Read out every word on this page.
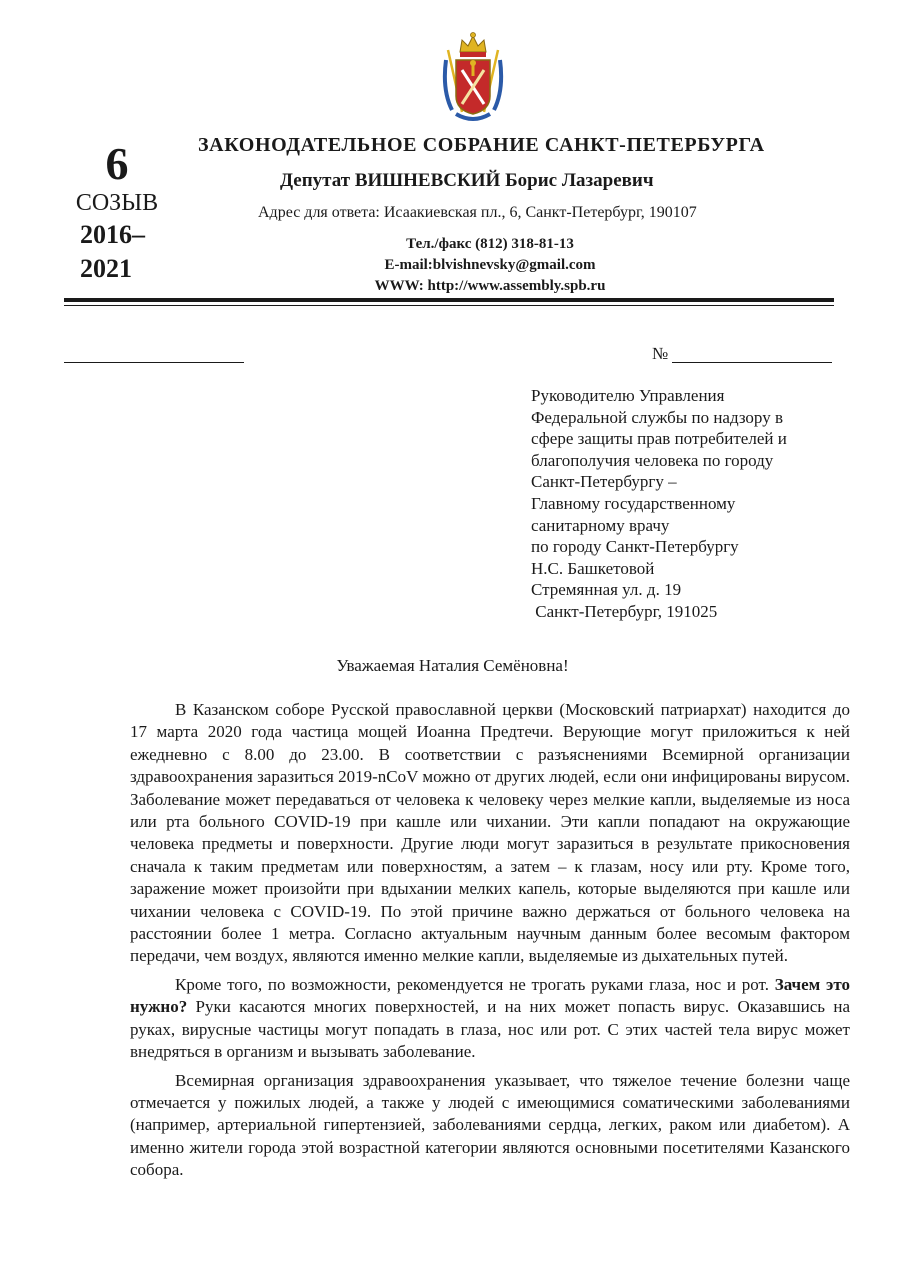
6
СОЗЫВ
2016–
2021
ЗАКОНОДАТЕЛЬНОЕ СОБРАНИЕ САНКТ-ПЕТЕРБУРГА
Депутат ВИШНЕВСКИЙ Борис Лазаревич
Адрес для ответа: Исаакиевская пл., 6, Санкт-Петербург, 190107
Тел./факс (812) 318-81-13
E-mail:blvishnevsky@gmail.com
WWW: http://www.assembly.spb.ru
№
Руководителю Управления
Федеральной службы по надзору в
сфере защиты прав потребителей и
благополучия человека по городу
Санкт-Петербургу –
Главному государственному
санитарному врачу
по городу Санкт-Петербургу
Н.С. Башкетовой
Стремянная ул. д. 19
Санкт-Петербург, 191025
Уважаемая Наталия Семёновна!

В Казанском соборе Русской православной церкви (Московский патриархат) находится до 17 марта 2020 года частица мощей Иоанна Предтечи. Верующие могут приложиться к ней ежедневно с 8.00 до 23.00. В соответствии с разъяснениями Всемирной организации здравоохранения заразиться 2019-nCoV можно от других людей, если они инфицированы вирусом. Заболевание может передаваться от человека к человеку через мелкие капли, выделяемые из носа или рта больного COVID-19 при кашле или чихании. Эти капли попадают на окружающие человека предметы и поверхности. Другие люди могут заразиться в результате прикосновения сначала к таким предметам или поверхностям, а затем – к глазам, носу или рту. Кроме того, заражение может произойти при вдыхании мелких капель, которые выделяются при кашле или чихании человека с COVID-19. По этой причине важно держаться от больного человека на расстоянии более 1 метра. Согласно актуальным научным данным более весомым фактором передачи, чем воздух, являются именно мелкие капли, выделяемые из дыхательных путей.

Кроме того, по возможности, рекомендуется не трогать руками глаза, нос и рот. Зачем это нужно? Руки касаются многих поверхностей, и на них может попасть вирус. Оказавшись на руках, вирусные частицы могут попадать в глаза, нос или рот. С этих частей тела вирус может внедряться в организм и вызывать заболевание.

Всемирная организация здравоохранения указывает, что тяжелое течение болезни чаще отмечается у пожилых людей, а также у людей с имеющимися соматическими заболеваниями (например, артериальной гипертензией, заболеваниями сердца, легких, раком или диабетом). А именно жители города этой возрастной категории являются основными посетителями Казанского собора.
